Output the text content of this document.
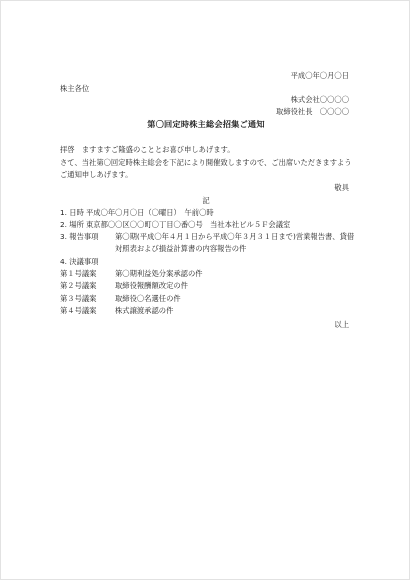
平成〇年〇月〇日
株主各位
株式会社〇〇〇〇
取締役社長　〇〇〇〇
第〇回定時株主総会招集ご通知
拝啓　ますますご隆盛のこととお喜び申しあげます。
さて、当社第〇回定時株主総会を下記により開催致しますので、ご出席いただきますよう
ご通知申しあげます。
敬具
記
1. 日時 平成〇年〇月〇日（〇曜日）　午前〇時
2. 場所 東京都〇〇区〇〇町〇丁目〇番〇号　当社本社ビル５Ｆ会議室
3. 報告事項 第〇期(平成〇年４月１日から平成〇年３月３１日まで)営業報告書、貸借
対照表および損益計算書の内容報告の件
4. 決議事項
第１号議案	第〇期利益処分案承認の件
第２号議案	取締役報酬額改定の件
第３号議案	取締役〇名選任の件
第４号議案	株式譲渡承認の件
以上
